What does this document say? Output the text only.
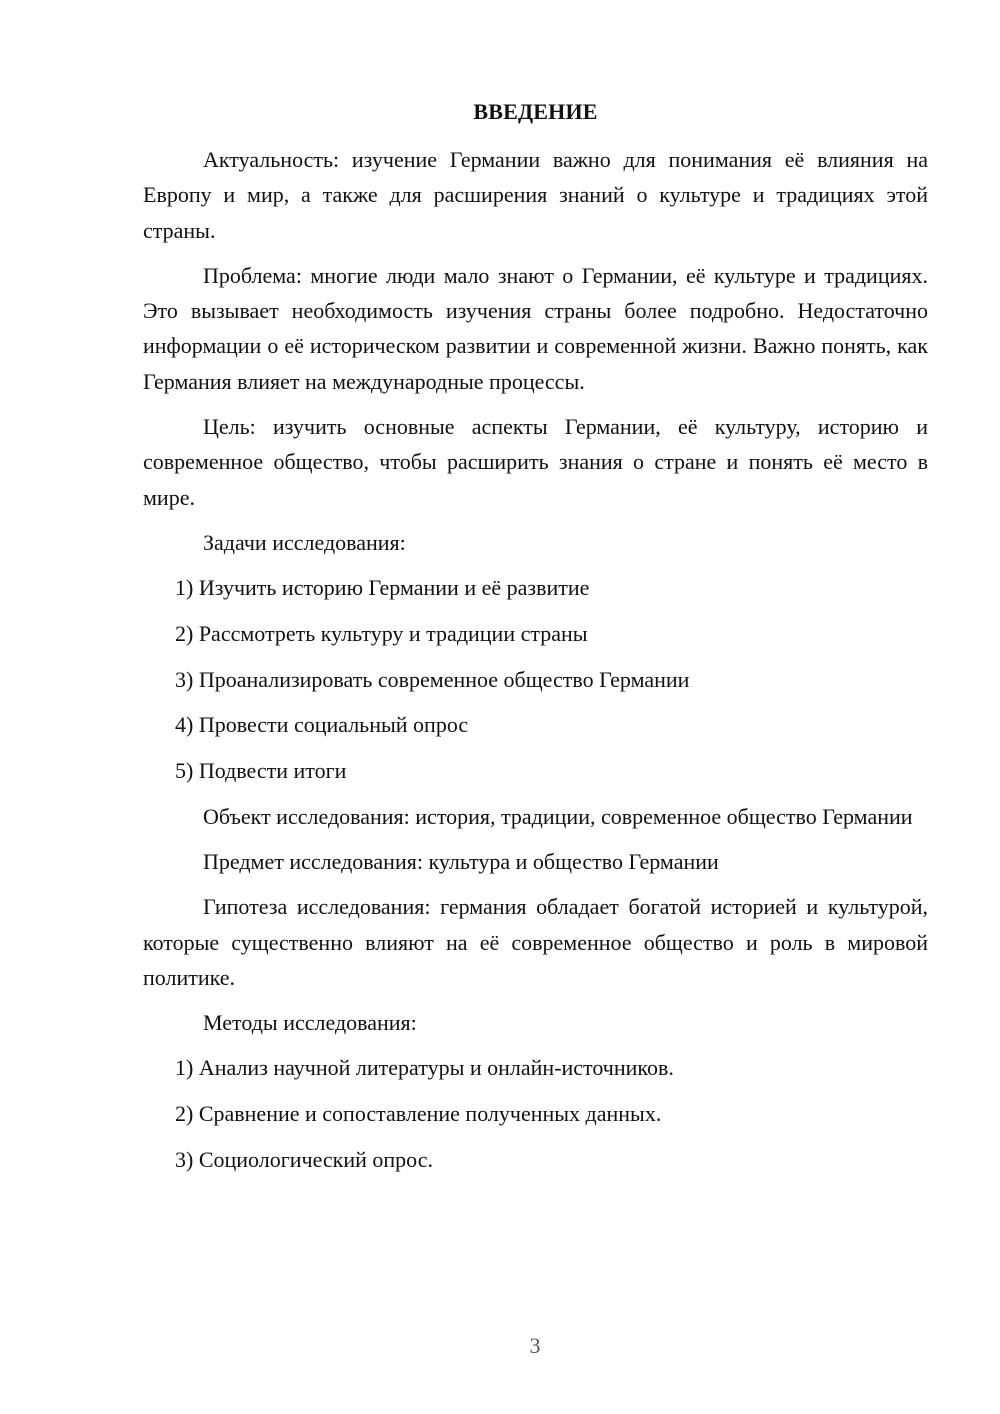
ВВЕДЕНИЕ

Актуальность: изучение Германии важно для понимания её влияния на Европу и мир, а также для расширения знаний о культуре и традициях этой страны.

Проблема: многие люди мало знают о Германии, её культуре и традициях. Это вызывает необходимость изучения страны более подробно. Недостаточно информации о её историческом развитии и современной жизни. Важно понять, как Германия влияет на международные процессы.

Цель: изучить основные аспекты Германии, её культуру, историю и современное общество, чтобы расширить знания о стране и понять её место в мире.

Задачи исследования:

1) Изучить историю Германии и её развитие
2) Рассмотреть культуру и традиции страны
3) Проанализировать современное общество Германии
4) Провести социальный опрос
5) Подвести итоги

Объект исследования: история, традиции, современное общество Германии

Предмет исследования: культура и общество Германии

Гипотеза исследования: германия обладает богатой историей и культурой, которые существенно влияют на её современное общество и роль в мировой политике.

Методы исследования:

1) Анализ научной литературы и онлайн-источников.
2) Сравнение и сопоставление полученных данных.
3) Социологический опрос.
3
